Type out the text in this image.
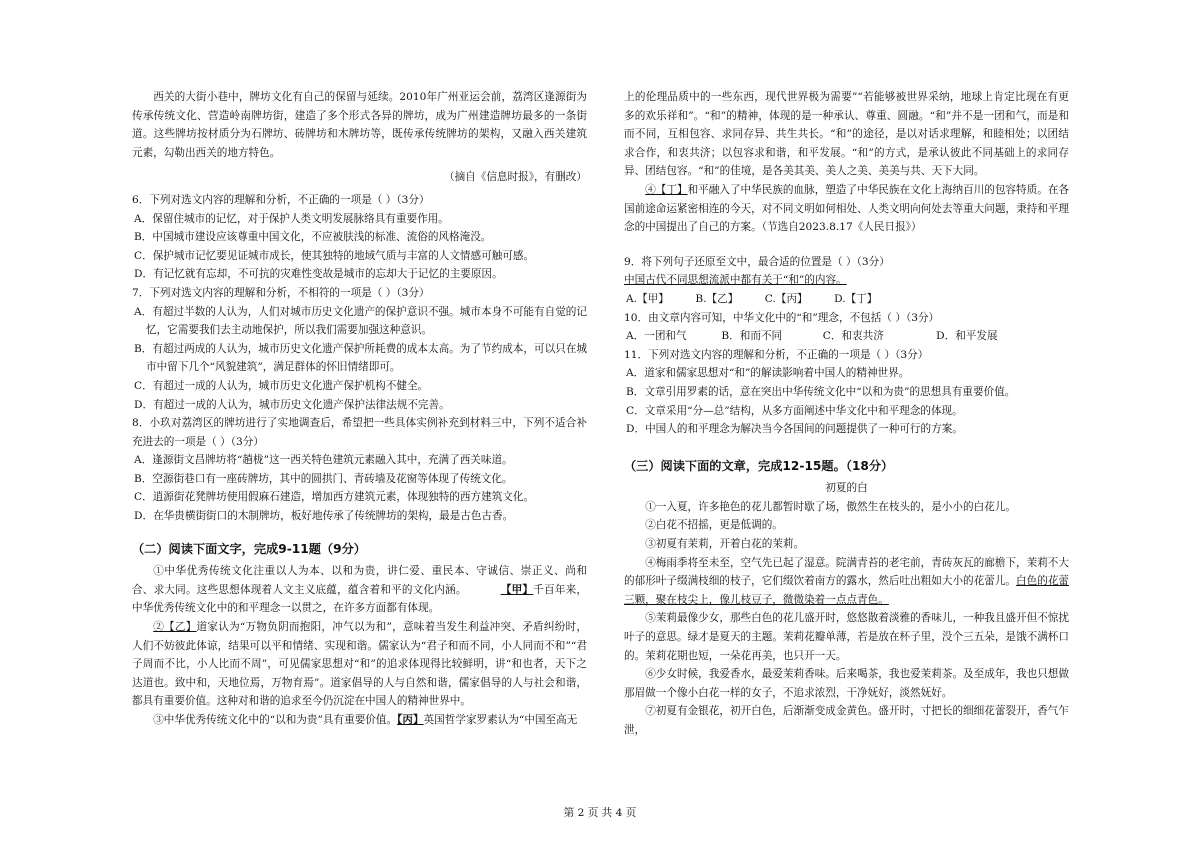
西关的大街小巷中，牌坊文化有自己的保留与延续。2010年广州亚运会前，荔湾区逢源街为传承传统文化、营造岭南牌坊街，建造了多个形式各异的牌坊，成为广州建造牌坊最多的一条街道。这些牌坊按材质分为石牌坊、砖牌坊和木牌坊等，既传承传统牌坊的架构，又融入西关建筑元素，勾勒出西关的地方特色。

（摘自《信息时报》，有删改）

6．下列对选文内容的理解和分析，不正确的一项是（ ）（3分）

A．保留住城市的记忆，对于保护人类文明发展脉络具有重要作用。

B．中国城市建设应该尊重中国文化，不应被肤浅的标准、流俗的风格淹没。

C．保护城市记忆要见证城市成长，使其独特的地域气质与丰富的人文情感可触可感。

D．有记忆就有忘却，不可抗的灾难性变故是城市的忘却大于记忆的主要原因。

7．下列对选文内容的理解和分析，不相符的一项是（ ）（3分）

A．有超过半数的人认为，人们对城市历史文化遗产的保护意识不强。城市本身不可能有自觉的记忆，它需要我们去主动地保护，所以我们需要加强这种意识。

B．有超过两成的人认为，城市历史文化遗产保护所耗费的成本太高。为了节约成本，可以只在城市中留下几个“风貌建筑”，满足群体的怀旧情绪即可。

C．有超过一成的人认为，城市历史文化遗产保护机构不健全。

D．有超过一成的人认为，城市历史文化遗产保护法律法规不完善。

8．小玖对荔湾区的牌坊进行了实地调查后，希望把一些具体实例补充到材料三中，下列不适合补充进去的一项是（ ）（3分）

A．逢源街文昌牌坊将“趟栊”这一西关特色建筑元素融入其中，充满了西关味道。

B．空源街巷口有一座砖牌坊，其中的圆拱门、青砖墙及花窗等体现了传统文化。

C．逍源街花凳牌坊使用假麻石建造，增加西方建筑元素，体现独特的西方建筑文化。

D．在华贵横街街口的木制牌坊，板好地传承了传统牌坊的架构，最是古色古香。

（二）阅读下面文字，完成9-11题（9分）

①中华优秀传统文化注重以人为本、以和为贵，讲仁爱、重民本、守诚信、崇正义、尚和合、求大同。这些思想体现着人文主义底蕴，蕴含着和平的文化内涵。	【甲】千百年来，中华优秀传统文化中的和平理念一以贯之，在许多方面都有体现。

②【乙】道家认为“万物负阴而抱阳，冲气以为和”，意味着当发生利益冲突、矛盾纠纷时，人们不妨彼此体谅，结果可以平和情绪、实现和谐。儒家认为“君子和而不同，小人同而不和”“君子周而不比，小人比而不周”，可见儒家思想对“和”的追求体现得比较鲜明，讲“和也者，天下之达道也。致中和，天地位焉，万物育焉”。道家倡导的人与自然和谐，儒家倡导的人与社会和谐，都具有重要价值。这种对和谐的追求至今仍沉淀在中国人的精神世界中。

③中华优秀传统文化中的“以和为贵”具有重要价值。【丙】英国哲学家罗素认为“中国至高无

上的伦理品质中的一些东西，现代世界极为需要”“若能够被世界采纳，地球上肯定比现在有更多的欢乐祥和”。“和”的精神，体现的是一种承认、尊重、圆融。“和”并不是一团和气，而是和而不同，互相包容、求同存异、共生共长。“和”的途径，是以对话求理解，和睦相处；以团结求合作，和衷共济；以包容求和谐，和平发展。“和”的方式，是承认彼此不同基础上的求同存异、团结包容。“和”的佳境，是各美其美、美人之美、美美与共、天下大同。

④【丁】和平融入了中华民族的血脉，塑造了中华民族在文化上海纳百川的包容特质。在各国前途命运紧密相连的今天，对不同文明如何相处、人类文明向何处去等重大问题，秉持和平理念的中国提出了自己的方案。（节选自2023.8.17《人民日报》）

9．将下列句子还原至文中，最合适的位置是（ ）（3分）

中国古代不同思想流派中都有关于“和”的内容。

A.【甲】	B.【乙】 C.【丙】 D.【丁】

10．由文章内容可知，中华文化中的“和”理念，不包括（ ）（3分）

A．一团和气	B．和而不同	C．和衷共济	D．和平发展

11．下列对选文内容的理解和分析，不正确的一项是（ ）（3分）

A．道家和儒家思想对“和”的解读影响着中国人的精神世界。

B．文章引用罗素的话，意在突出中华传统文化中“以和为贵”的思想具有重要价值。

C．文章采用“分—总”结构，从多方面阐述中华文化中和平理念的体现。

D．中国人的和平理念为解决当今各国间的问题提供了一种可行的方案。

（三）阅读下面的文章，完成12-15题。（18分）

初夏的白

①一入夏，许多艳色的花儿都暂时歇了场，傲然生在枝头的，是小小的白花儿。

②白花不招摇，更是低调的。

③初夏有茉莉，开着白花的茉莉。

④梅雨季将至未至，空气先已起了湿意。院满青苔的老宅前，青砖灰瓦的廊檐下，茉莉不大的郁形叶子缀满枝细的枝子，它们缀饮着南方的露水，然后吐出粗如大小的花蕾儿。白色的花蕾三颗，聚在枝尖上，像儿枝豆子，微微染着一点点青色。

⑤茉莉最像少女，那些白色的花儿盛开时，悠悠散着淡雅的香味儿，一种我且盛开但不惊扰叶子的意思。绿才是夏天的主题。茉莉花瓣单薄，若是放在杯子里，没个三五朵，是饿不满杯口的。茉莉花期也短，一朵花再美，也只开一天。

⑥少女时候，我爱香水，最爱茉莉香味。后来喝茶，我也爱茉莉茶。及至成年，我也只想做那眉做一个像小白花一样的女子，不追求浓烈，干净妩好，淡然妩好。

⑦初夏有金银花，初开白色，后渐渐变成金黄色。盛开时，寸把长的细细花蕾裂开，香气乍泄，

第 2 页 共 4 页
